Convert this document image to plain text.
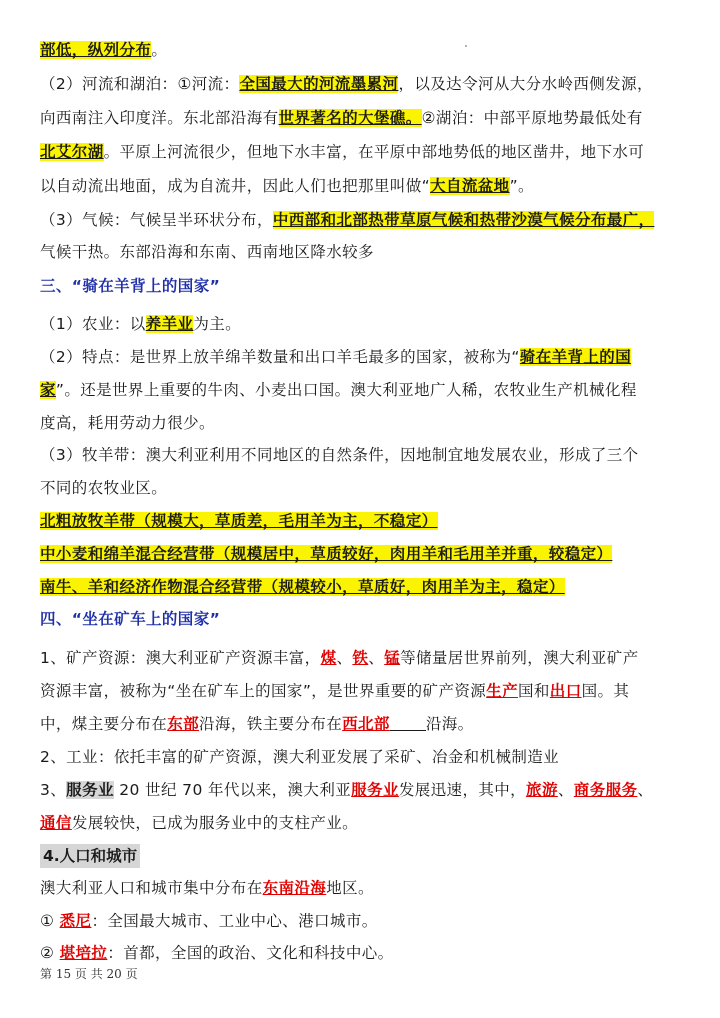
部低，纵列分布。
（2）河流和湖泊：①河流：全国最大的河流墨累河，以及达令河从大分水岭西侧发源，
向西南注入印度洋。东北部沿海有世界著名的大堡礁。②湖泊：中部平原地势最低处有
北艾尔湖。平原上河流很少，但地下水丰富，在平原中部地势低的地区凿井，地下水可
以自动流出地面，成为自流井，因此人们也把那里叫做“大自流盆地”。
（3）气候：气候呈半环状分布，中西部和北部热带草原气候和热带沙漠气候分布最广，
气候干热。东部沿海和东南、西南地区降水较多
三、“骑在羊背上的国家”
（1）农业：以养羊业为主。
（2）特点：是世界上放羊绵羊数量和出口羊毛最多的国家，被称为“骑在羊背上的国
家”。还是世界上重要的牛肉、小麦出口国。澳大利亚地广人稀，农牧业生产机械化程
度高，耗用劳动力很少。
（3）牧羊带：澳大利亚利用不同地区的自然条件，因地制宜地发展农业，形成了三个
不同的农牧业区。
北粗放牧羊带（规模大，草质差，毛用羊为主，不稳定）
中小麦和绵羊混合经营带（规模居中，草质较好，肉用羊和毛用羊并重，较稳定）
南牛、羊和经济作物混合经营带（规模较小，草质好，肉用羊为主，稳定）
四、“坐在矿车上的国家”
1、矿产资源：澳大利亚矿产资源丰富，煤、铁、锰等储量居世界前列，澳大利亚矿产
资源丰富，被称为“坐在矿车上的国家”，是世界重要的矿产资源生产国和出口国。其
中，煤主要分布在东部沿海，铁主要分布在西北部 沿海。
2、工业：依托丰富的矿产资源，澳大利亚发展了采矿、冶金和机械制造业
3、服务业 20 世纪 70 年代以来，澳大利亚服务业发展迅速，其中，旅游、商务服务、
通信发展较快，已成为服务业中的支柱产业。
4.人口和城市
澳大利亚人口和城市集中分布在东南沿海地区。
① 悉尼：全国最大城市、工业中心、港口城市。
② 堪培拉：首都，全国的政治、文化和科技中心。
第 15 页 共 20 页
